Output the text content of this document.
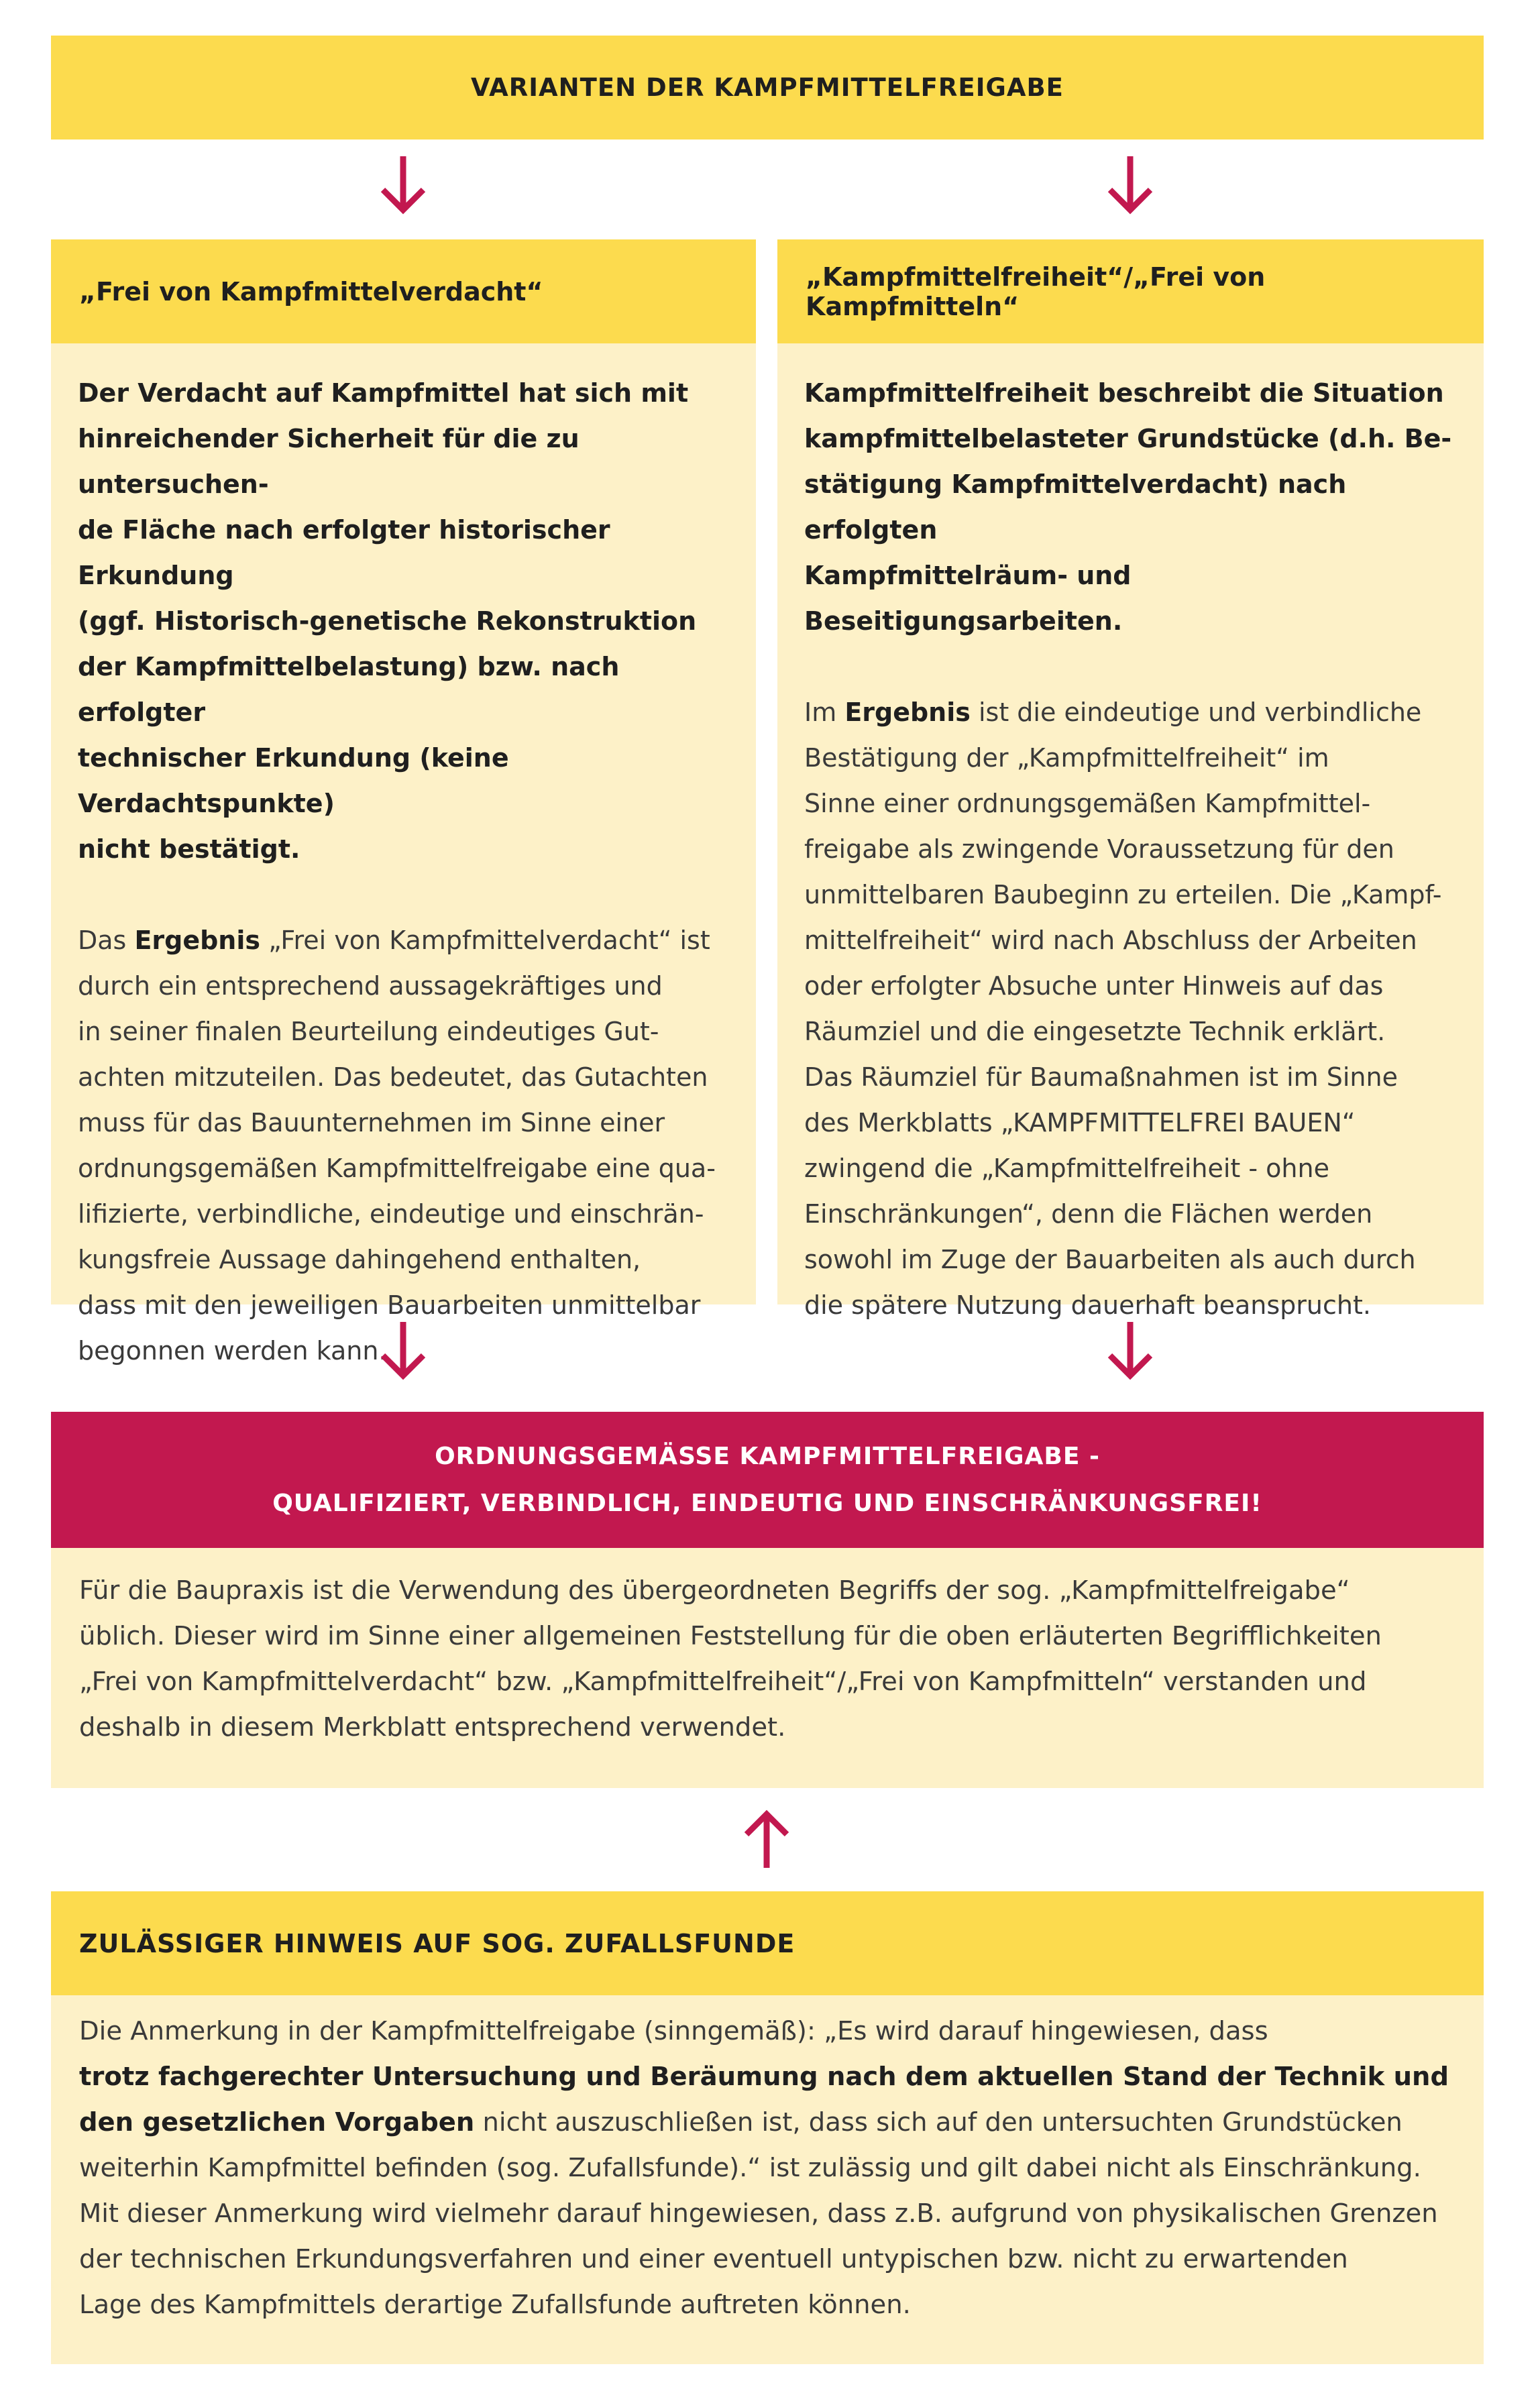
VARIANTEN DER KAMPFMITTELFREIGABE
„Frei von Kampfmittelverdacht“

Der Verdacht auf Kampfmittel hat sich mit

hinreichender Sicherheit für die zu untersuchen-

de Fläche nach erfolgter historischer Erkundung

(ggf. Historisch-genetische Rekonstruktion

der Kampfmittelbelastung) bzw. nach erfolgter

technischer Erkundung (keine Verdachtspunkte)

nicht bestätigt.

Das Ergebnis „Frei von Kampfmittelverdacht“ ist

durch ein entsprechend aussagekräftiges und

in seiner finalen Beurteilung eindeutiges Gut-

achten mitzuteilen. Das bedeutet, das Gutachten

muss für das Bauunternehmen im Sinne einer

ordnungsgemäßen Kampfmittelfreigabe eine qua-

lifizierte, verbindliche, eindeutige und einschrän-

kungsfreie Aussage dahingehend enthalten,

dass mit den jeweiligen Bauarbeiten unmittelbar

begonnen werden kann.

„Kampfmittelfreiheit“/„Frei von Kampfmitteln“

Kampfmittelfreiheit beschreibt die Situation

kampfmittelbelasteter Grundstücke (d.h. Be-

stätigung Kampfmittelverdacht) nach erfolgten

Kampfmittelräum- und Beseitigungsarbeiten.

Im Ergebnis ist die eindeutige und verbindliche

Bestätigung der „Kampfmittelfreiheit“ im

Sinne einer ordnungsgemäßen Kampfmittel-

freigabe als zwingende Voraussetzung für den

unmittelbaren Baubeginn zu erteilen. Die „Kampf-

mittelfreiheit“ wird nach Abschluss der Arbeiten

oder erfolgter Absuche unter Hinweis auf das

Räumziel und die eingesetzte Technik erklärt.

Das Räumziel für Baumaßnahmen ist im Sinne

des Merkblatts „KAMPFMITTELFREI BAUEN“

zwingend die „Kampfmittelfreiheit - ohne

Einschränkungen“, denn die Flächen werden

sowohl im Zuge der Bauarbeiten als auch durch

die spätere Nutzung dauerhaft beansprucht.

ORDNUNGSGEMÄSSE KAMPFMITTELFREIGABE -
QUALIFIZIERT, VERBINDLICH, EINDEUTIG UND EINSCHRÄNKUNGSFREI!

Für die Baupraxis ist die Verwendung des übergeordneten Begriffs der sog. „Kampfmittelfreigabe“

üblich. Dieser wird im Sinne einer allgemeinen Feststellung für die oben erläuterten Begrifflichkeiten

„Frei von Kampfmittelverdacht“ bzw. „Kampfmittelfreiheit“/„Frei von Kampfmitteln“ verstanden und

deshalb in diesem Merkblatt entsprechend verwendet.

ZULÄSSIGER HINWEIS AUF SOG. ZUFALLSFUNDE

Die Anmerkung in der Kampfmittelfreigabe (sinngemäß): „Es wird darauf hingewiesen, dass

trotz fachgerechter Untersuchung und Beräumung nach dem aktuellen Stand der Technik und

den gesetzlichen Vorgaben nicht auszuschließen ist, dass sich auf den untersuchten Grundstücken

weiterhin Kampfmittel befinden (sog. Zufallsfunde).“ ist zulässig und gilt dabei nicht als Einschränkung.

Mit dieser Anmerkung wird vielmehr darauf hingewiesen, dass z.B. aufgrund von physikalischen Grenzen

der technischen Erkundungsverfahren und einer eventuell untypischen bzw. nicht zu erwartenden

Lage des Kampfmittels derartige Zufallsfunde auftreten können.
